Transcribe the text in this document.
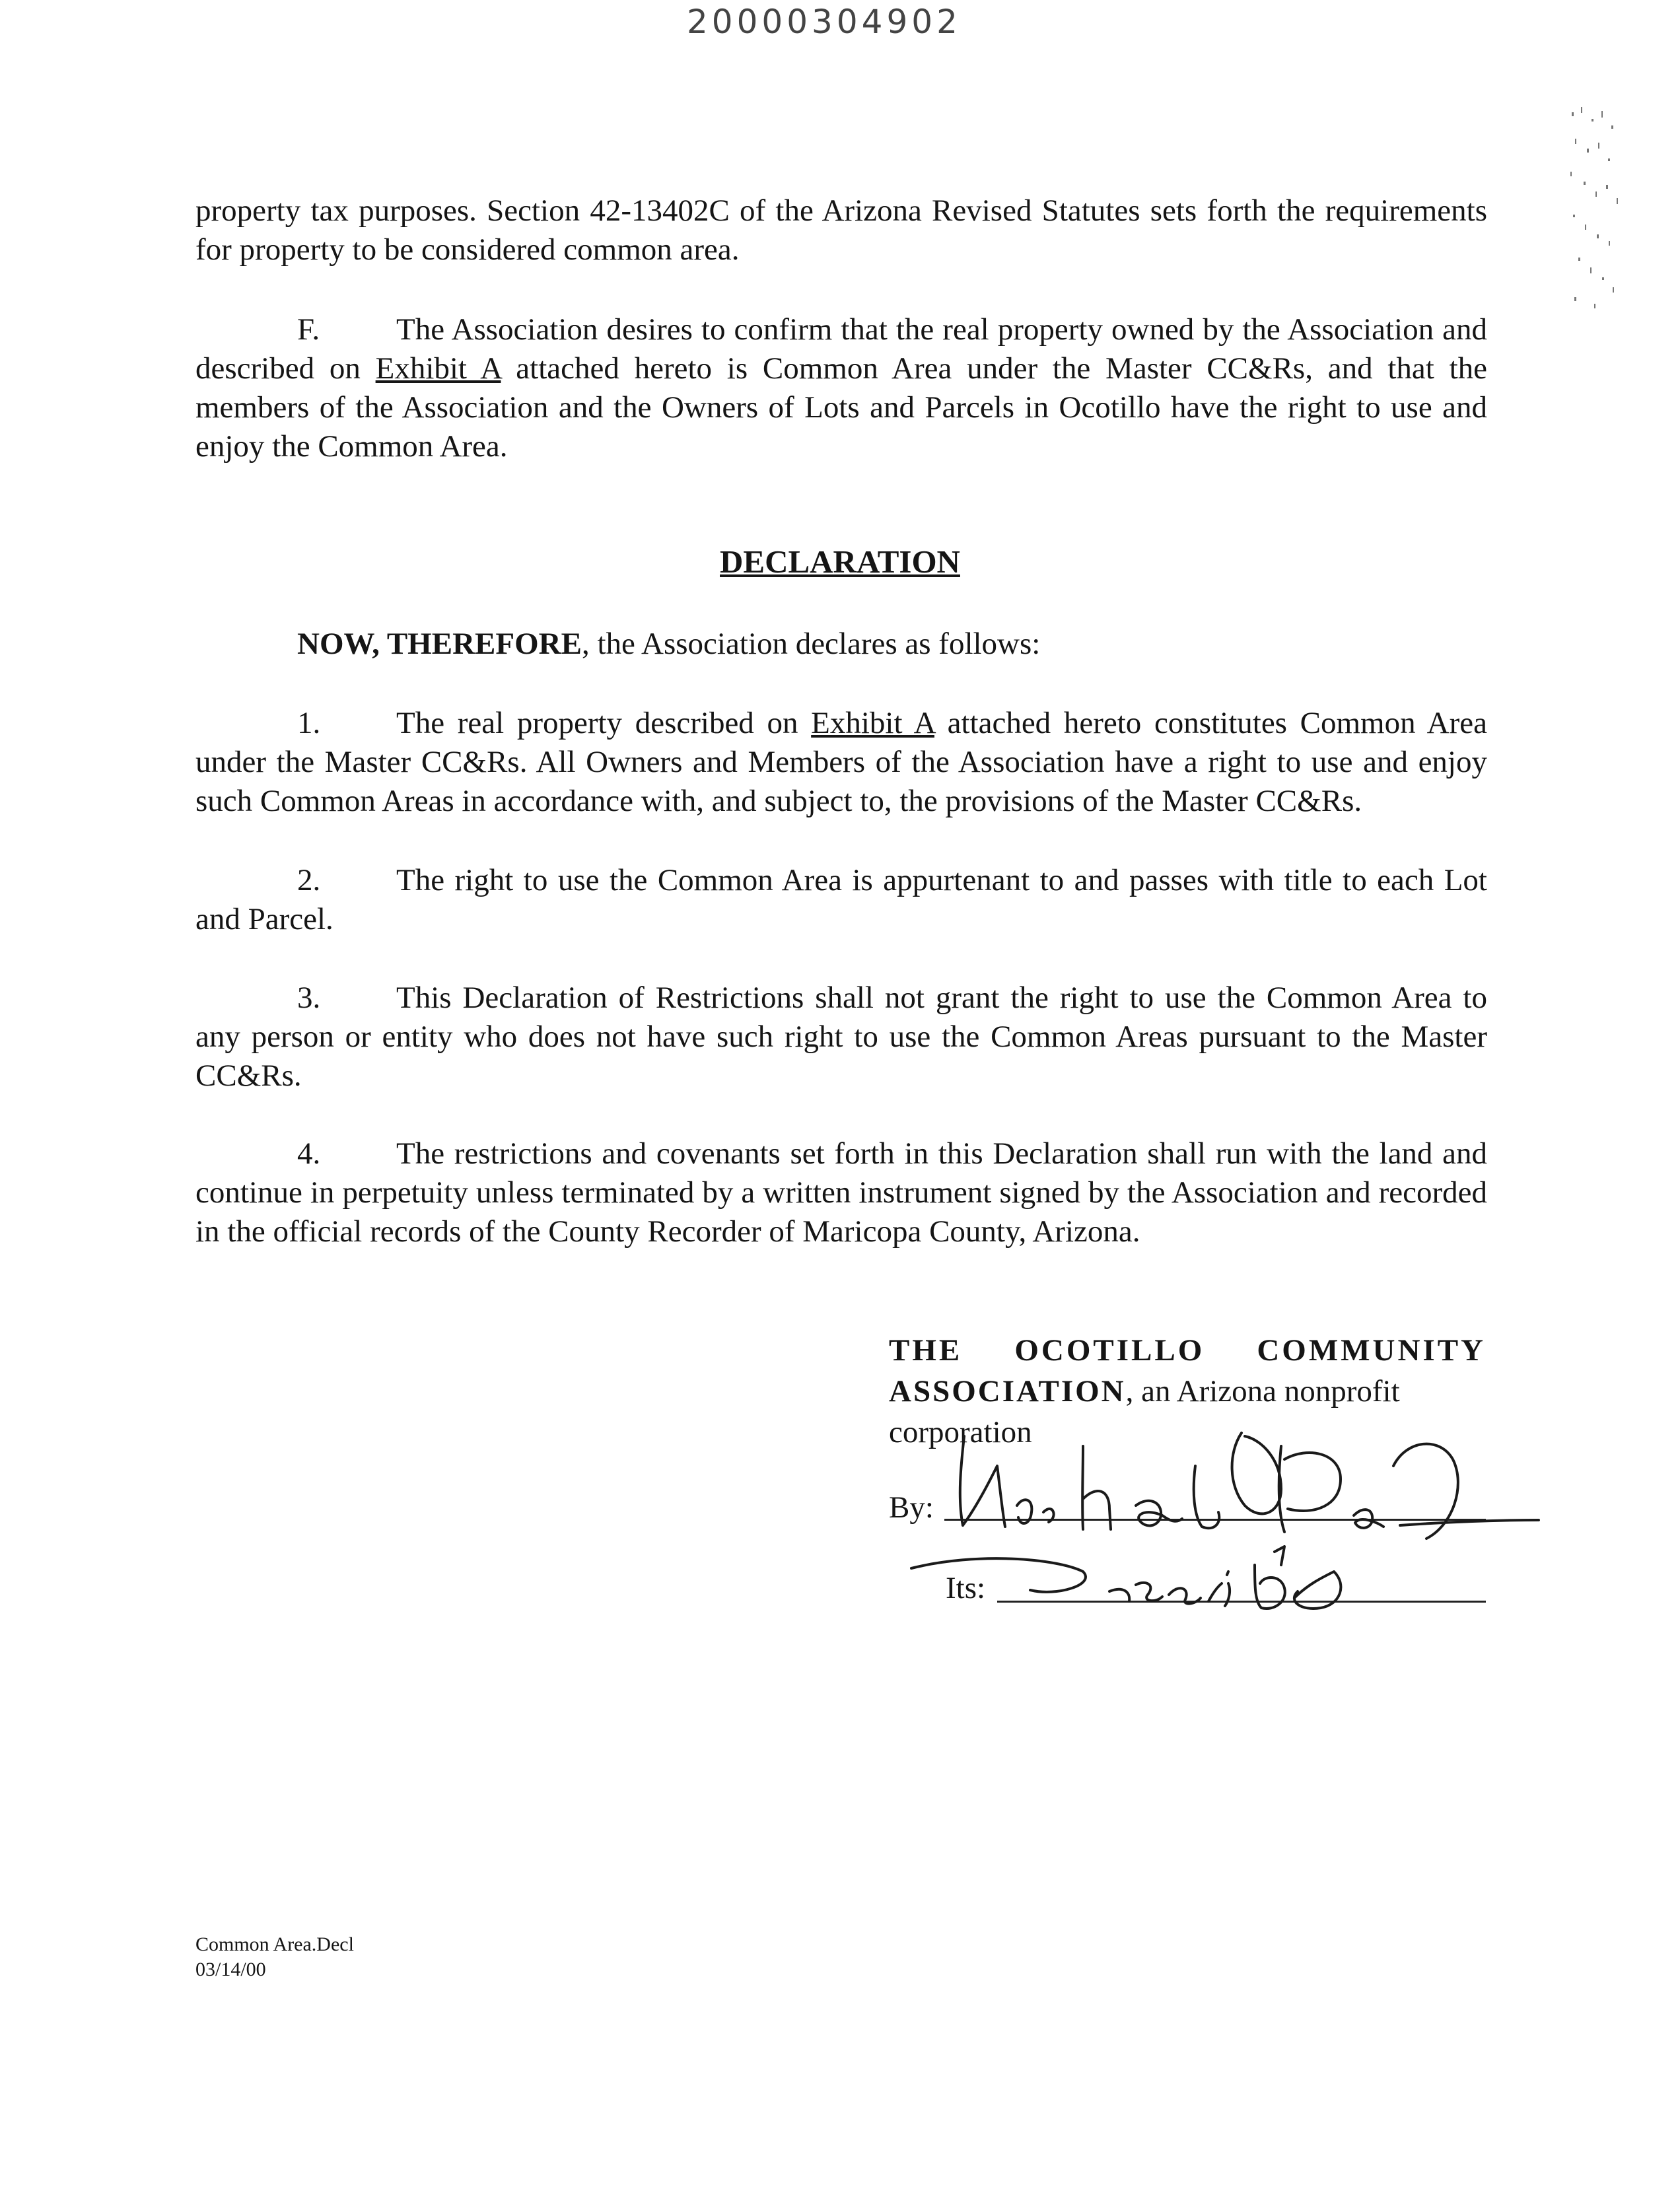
20000304902
property tax purposes. Section 42-13402C of the Arizona Revised Statutes sets forth the requirements for property to be considered common area.
F. The Association desires to confirm that the real property owned by the Association and described on Exhibit A attached hereto is Common Area under the Master CC&Rs, and that the members of the Association and the Owners of Lots and Parcels in Ocotillo have the right to use and enjoy the Common Area.
DECLARATION
NOW, THEREFORE, the Association declares as follows:
1. The real property described on Exhibit A attached hereto constitutes Common Area under the Master CC&Rs. All Owners and Members of the Association have a right to use and enjoy such Common Areas in accordance with, and subject to, the provisions of the Master CC&Rs.
2. The right to use the Common Area is appurtenant to and passes with title to each Lot and Parcel.
3. This Declaration of Restrictions shall not grant the right to use the Common Area to any person or entity who does not have such right to use the Common Areas pursuant to the Master CC&Rs.
4. The restrictions and covenants set forth in this Declaration shall run with the land and continue in perpetuity unless terminated by a written instrument signed by the Association and recorded in the official records of the County Recorder of Maricopa County, Arizona.
THE OCOTILLO COMMUNITY
ASSOCIATION, an Arizona nonprofit
corporation
By:
Its:
Common Area.Decl
03/14/00
